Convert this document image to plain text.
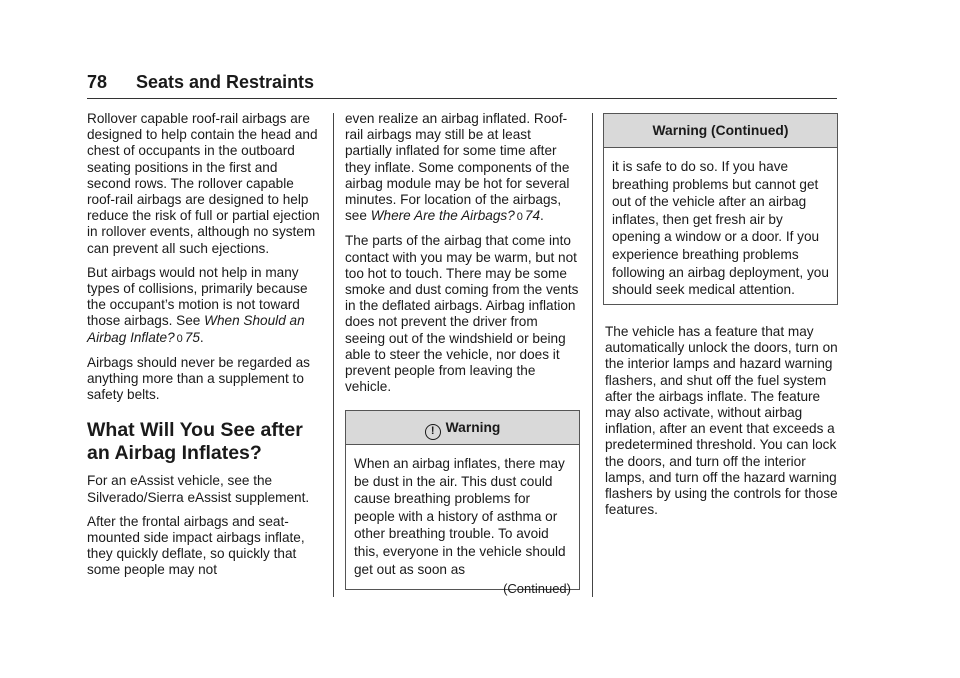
78 Seats and Restraints

Rollover capable roof-rail airbags are designed to help contain the head and chest of occupants in the outboard seating positions in the first and second rows. The rollover capable roof-rail airbags are designed to help reduce the risk of full or partial ejection in rollover events, although no system can prevent all such ejections.

But airbags would not help in many types of collisions, primarily because the occupant’s motion is not toward those airbags. See When Should an Airbag Inflate? 0 75.

Airbags should never be regarded as anything more than a supplement to safety belts.

What Will You See after an Airbag Inflates?

For an eAssist vehicle, see the Silverado/Sierra eAssist supplement.

After the frontal airbags and seat-mounted side impact airbags inflate, they quickly deflate, so quickly that some people may not

even realize an airbag inflated. Roof-rail airbags may still be at least partially inflated for some time after they inflate. Some components of the airbag module may be hot for several minutes. For location of the airbags, see Where Are the Airbags? 0 74.

The parts of the airbag that come into contact with you may be warm, but not too hot to touch. There may be some smoke and dust coming from the vents in the deflated airbags. Airbag inflation does not prevent the driver from seeing out of the windshield or being able to steer the vehicle, nor does it prevent people from leaving the vehicle.

! Warning
When an airbag inflates, there may be dust in the air. This dust could cause breathing problems for people with a history of asthma or other breathing trouble. To avoid this, everyone in the vehicle should get out as soon as
(Continued)
Warning (Continued)
it is safe to do so. If you have breathing problems but cannot get out of the vehicle after an airbag inflates, then get fresh air by opening a window or a door. If you experience breathing problems following an airbag deployment, you should seek medical attention.

The vehicle has a feature that may automatically unlock the doors, turn on the interior lamps and hazard warning flashers, and shut off the fuel system after the airbags inflate. The feature may also activate, without airbag inflation, after an event that exceeds a predetermined threshold. You can lock the doors, and turn off the interior lamps, and turn off the hazard warning flashers by using the controls for those features.
